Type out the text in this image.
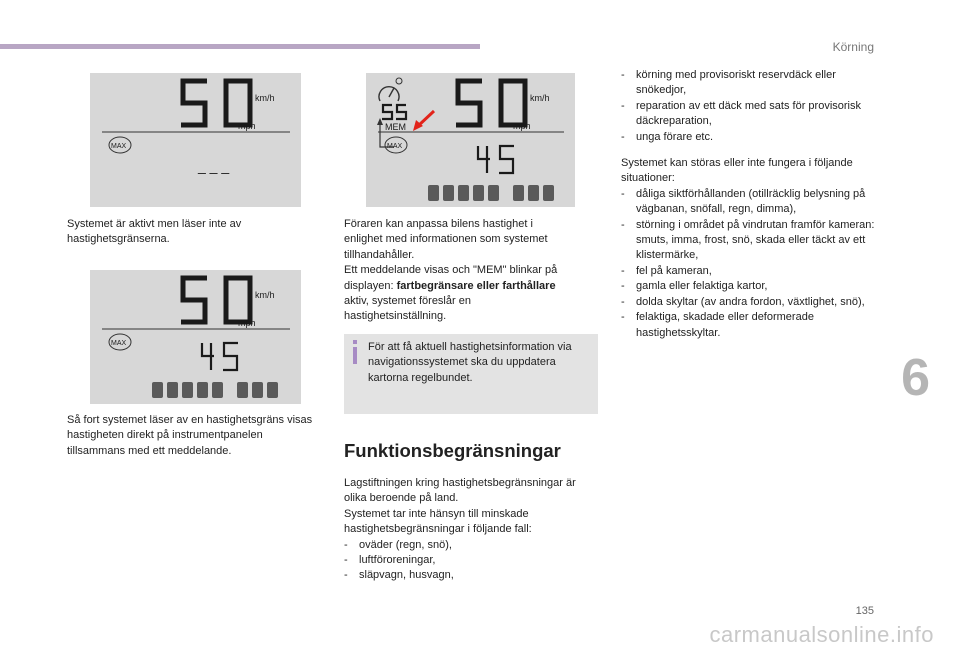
Körning
km/h
mph
MAX
_ _ _
MEM
km/h
mph
MAX

Systemet är aktivt men läser inte av hastighetsgränserna.

km/h
mph
MAX

Så fort systemet läser av en hastighetsgräns visas hastigheten direkt på instrumentpanelen tillsammans med ett meddelande.

Föraren kan anpassa bilens hastighet i enlighet med informationen som systemet tillhandahåller.

Ett meddelande visas och "MEM" blinkar på displayen: fartbegränsare eller farthållare aktiv, systemet föreslår en hastighetsinställning.

För att få aktuell hastighetsinformation via navigationssystemet ska du uppdatera kartorna regelbundet.
Funktionsbegränsningar

Lagstiftningen kring hastighetsbegränsningar är olika beroende på land.

Systemet tar inte hänsyn till minskade hastighetsbegränsningar i följande fall:

- oväder (regn, snö),
- luftföroreningar,
- släpvagn, husvagn,
- körning med provisoriskt reservdäck eller snökedjor,
- reparation av ett däck med sats för provisorisk däckreparation,
- unga förare etc.

Systemet kan störas eller inte fungera i följande situationer:

- dåliga siktförhållanden (otillräcklig belysning på vägbanan, snöfall, regn, dimma),
- störning i området på vindrutan framför kameran: smuts, imma, frost, snö, skada eller täckt av ett klistermärke,
- fel på kameran,
- gamla eller felaktiga kartor,
- dolda skyltar (av andra fordon, växtlighet, snö),
- felaktiga, skadade eller deformerade hastighetsskyltar.
6
135
carmanualsonline.info
